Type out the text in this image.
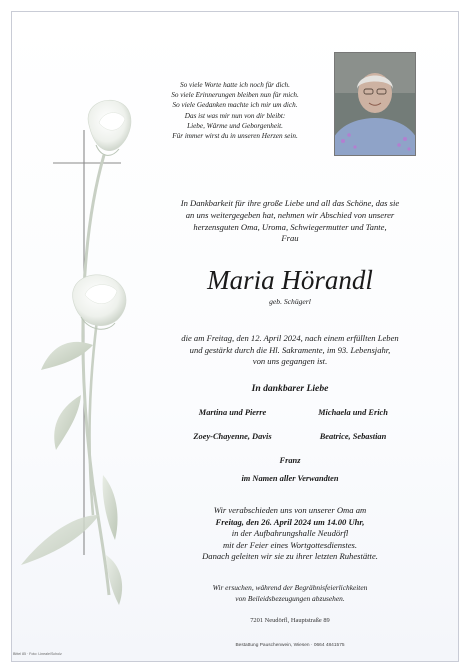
So viele Worte hatte ich noch für dich.
So viele Erinnerungen bleiben nun für mich.
So viele Gedanken machte ich mir um dich.
Das ist was mir nun von dir bleibt:
Liebe, Wärme und Geborgenheit.
Für immer wirst du in unseren Herzen sein.
In Dankbarkeit für ihre große Liebe und all das Schöne, das sie
an uns weitergegeben hat, nehmen wir Abschied von unserer
herzensguten Oma, Uroma, Schwiegermutter und Tante,
Frau
Maria Hörandl
geb. Schügerl
die am Freitag, den 12. April 2024, nach einem erfüllten Leben
und gestärkt durch die Hl. Sakramente, im 93. Lebensjahr,
von uns gegangen ist.
In dankbarer Liebe
Martina und Pierre	Michaela und Erich
Zoey-Chayenne, Davis	Beatrice, Sebastian
Franz
im Namen aller Verwandten
Wir verabschieden uns von unserer Oma am
Freitag, den 26. April 2024 um 14.00 Uhr,
in der Aufbahrungshalle Neudörfl
mit der Feier eines Wortgottesdienstes.
Danach geleiten wir sie zu ihrer letzten Ruhestätte.
Wir ersuchen, während der Begräbnisfeierlichkeiten
von Beileidsbezeugungen abzusehen.
7201 Neudörfl, Hauptstraße 89
Bestattung Pauschenwein, Wiesen · 0664 4841575
Bittel 85 · Foto: Lineale/Scholz
